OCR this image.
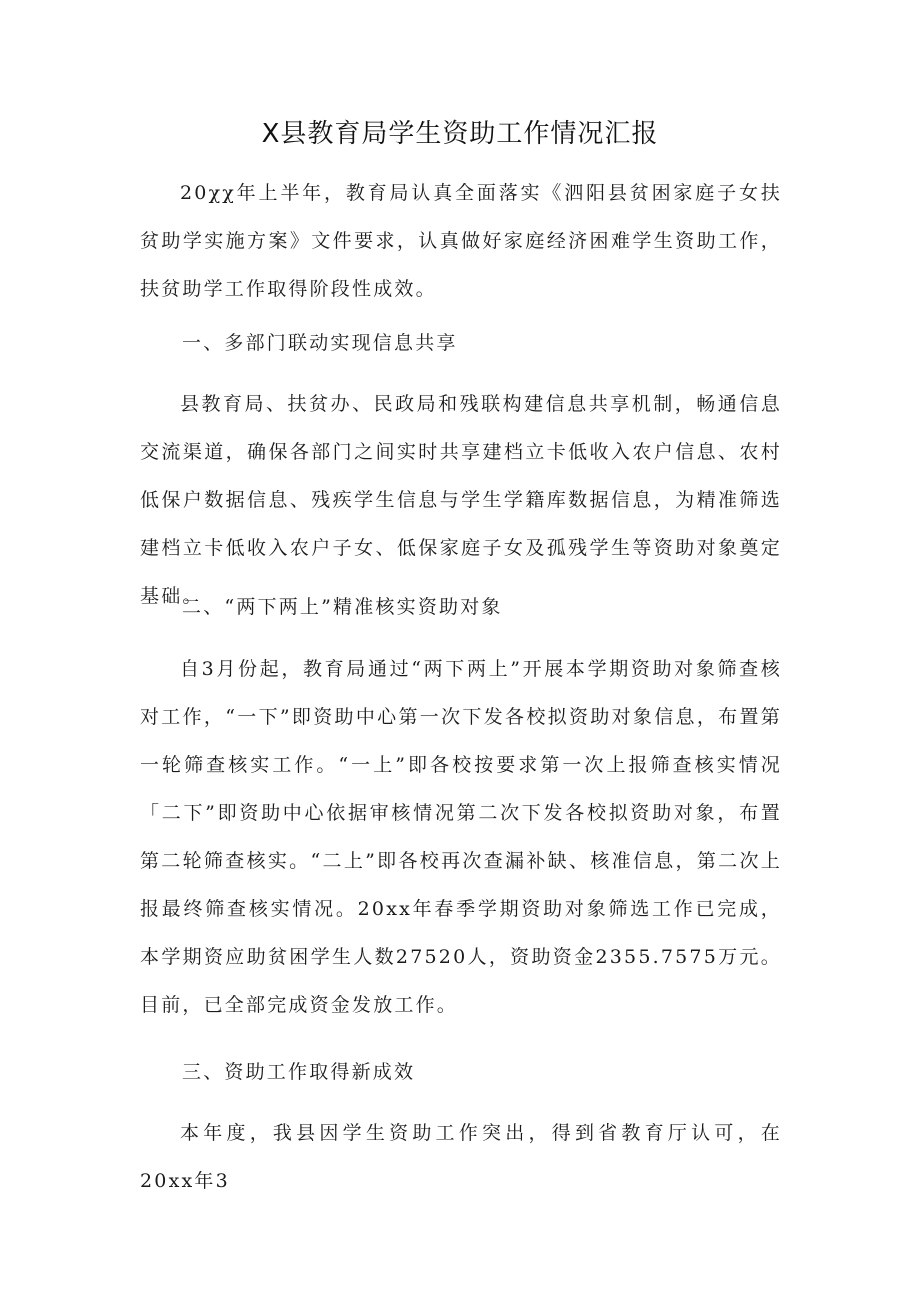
X县教育局学生资助工作情况汇报

20χχ年上半年，教育局认真全面落实《泗阳县贫困家庭子女扶贫助学实施方案》文件要求，认真做好家庭经济困难学生资助工作，扶贫助学工作取得阶段性成效。

一、多部门联动实现信息共享

县教育局、扶贫办、民政局和残联构建信息共享机制，畅通信息交流渠道，确保各部门之间实时共享建档立卡低收入农户信息、农村低保户数据信息、残疾学生信息与学生学籍库数据信息，为精准筛选建档立卡低收入农户子女、低保家庭子女及孤残学生等资助对象奠定基础。

二、“两下两上”精准核实资助对象

自3月份起，教育局通过“两下两上”开展本学期资助对象筛查核对工作，“一下”即资助中心第一次下发各校拟资助对象信息，布置第一轮筛查核实工作。“一上”即各校按要求第一次上报筛查核实情况「二下”即资助中心依据审核情况第二次下发各校拟资助对象，布置第二轮筛查核实。“二上”即各校再次查漏补缺、核准信息，第二次上报最终筛查核实情况。20xx年春季学期资助对象筛选工作已完成，本学期资应助贫困学生人数27520人，资助资金2355.7575万元。目前，已全部完成资金发放工作。

三、资助工作取得新成效

本年度，我县因学生资助工作突出，得到省教育厅认可，在20xx年3
